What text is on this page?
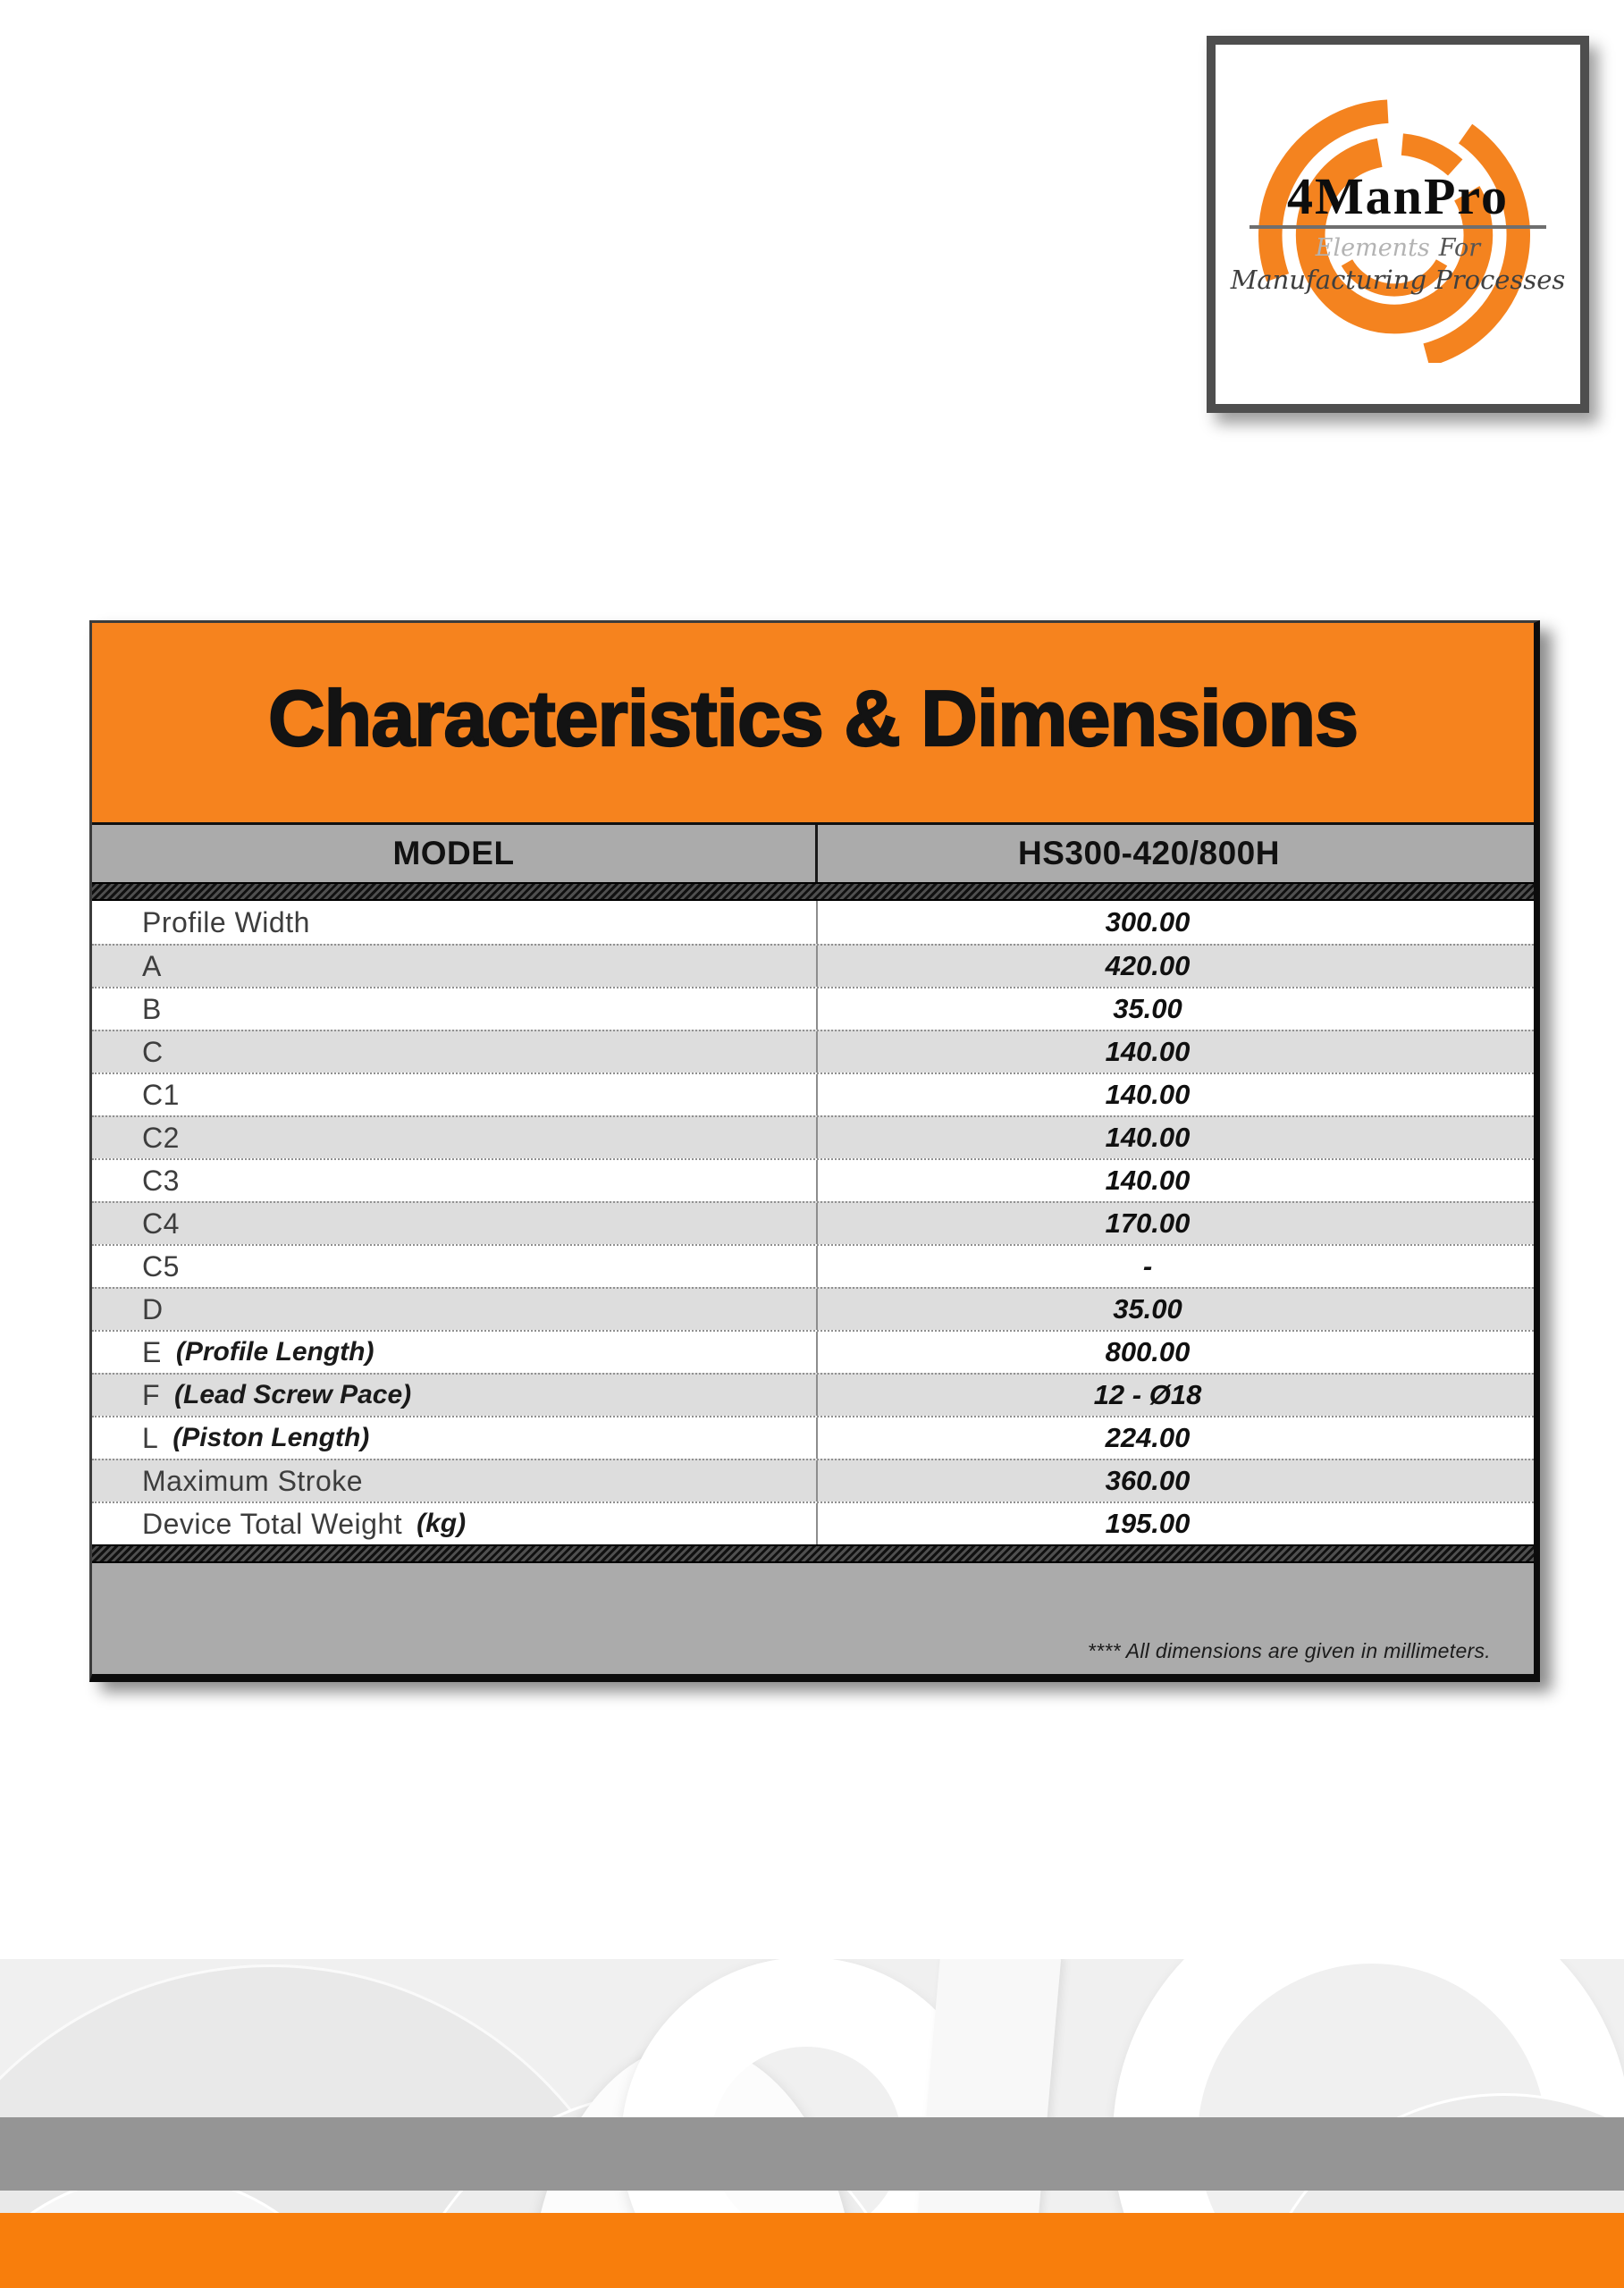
4ManPro
Elements For
Manufacturing Processes
Characteristics & Dimensions
MODEL	HS300-420/800H
Profile Width	300.00
A	420.00
B	35.00
C	140.00
C1	140.00
C2	140.00
C3	140.00
C4	170.00
C5	-
D	35.00
E (Profile Length)	800.00
F (Lead Screw Pace)	12 - Ø18
L (Piston Length)	224.00
Maximum Stroke	360.00
Device Total Weight (kg)	195.00
**** All dimensions are given in millimeters.
